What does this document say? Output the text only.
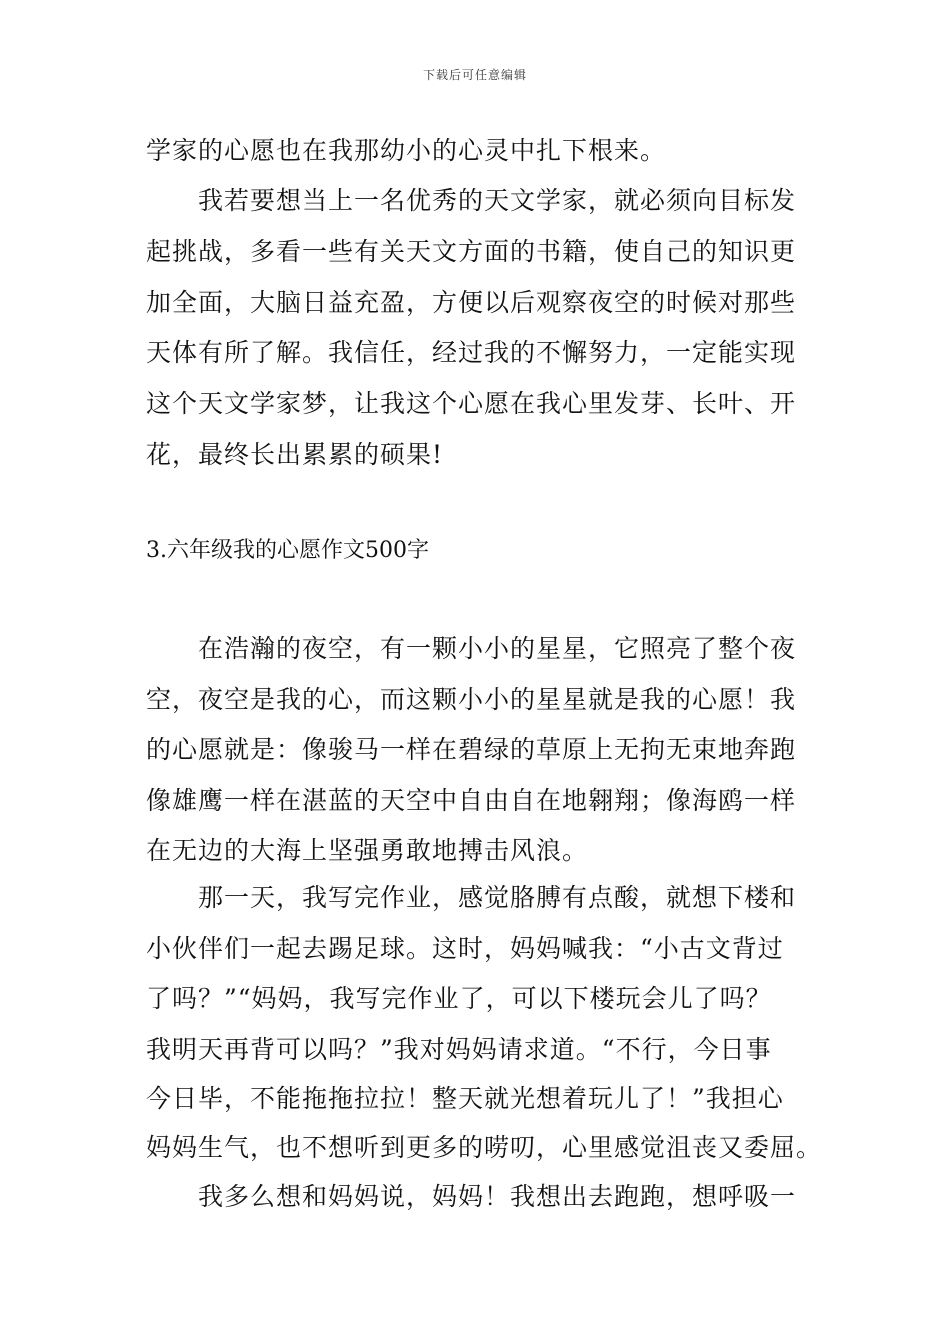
下载后可任意编辑
学家的心愿也在我那幼小的心灵中扎下根来。
我若要想当上一名优秀的天文学家，就必须向目标发
起挑战，多看一些有关天文方面的书籍，使自己的知识更
加全面，大脑日益充盈，方便以后观察夜空的时候对那些
天体有所了解。我信任，经过我的不懈努力，一定能实现
这个天文学家梦，让我这个心愿在我心里发芽、长叶、开
花，最终长出累累的硕果!
3.六年级我的心愿作文500字
在浩瀚的夜空，有一颗小小的星星，它照亮了整个夜
空，夜空是我的心，而这颗小小的星星就是我的心愿！我
的心愿就是：像骏马一样在碧绿的草原上无拘无束地奔跑
像雄鹰一样在湛蓝的天空中自由自在地翱翔；像海鸥一样
在无边的大海上坚强勇敢地搏击风浪。
那一天，我写完作业，感觉胳膊有点酸，就想下楼和
小伙伴们一起去踢足球。这时，妈妈喊我：“小古文背过
了吗？”“妈妈，我写完作业了，可以下楼玩会儿了吗？
我明天再背可以吗？”我对妈妈请求道。“不行，今日事
今日毕，不能拖拖拉拉！整天就光想着玩儿了！”我担心
妈妈生气，也不想听到更多的唠叨，心里感觉沮丧又委屈。
我多么想和妈妈说，妈妈！我想出去跑跑，想呼吸一
